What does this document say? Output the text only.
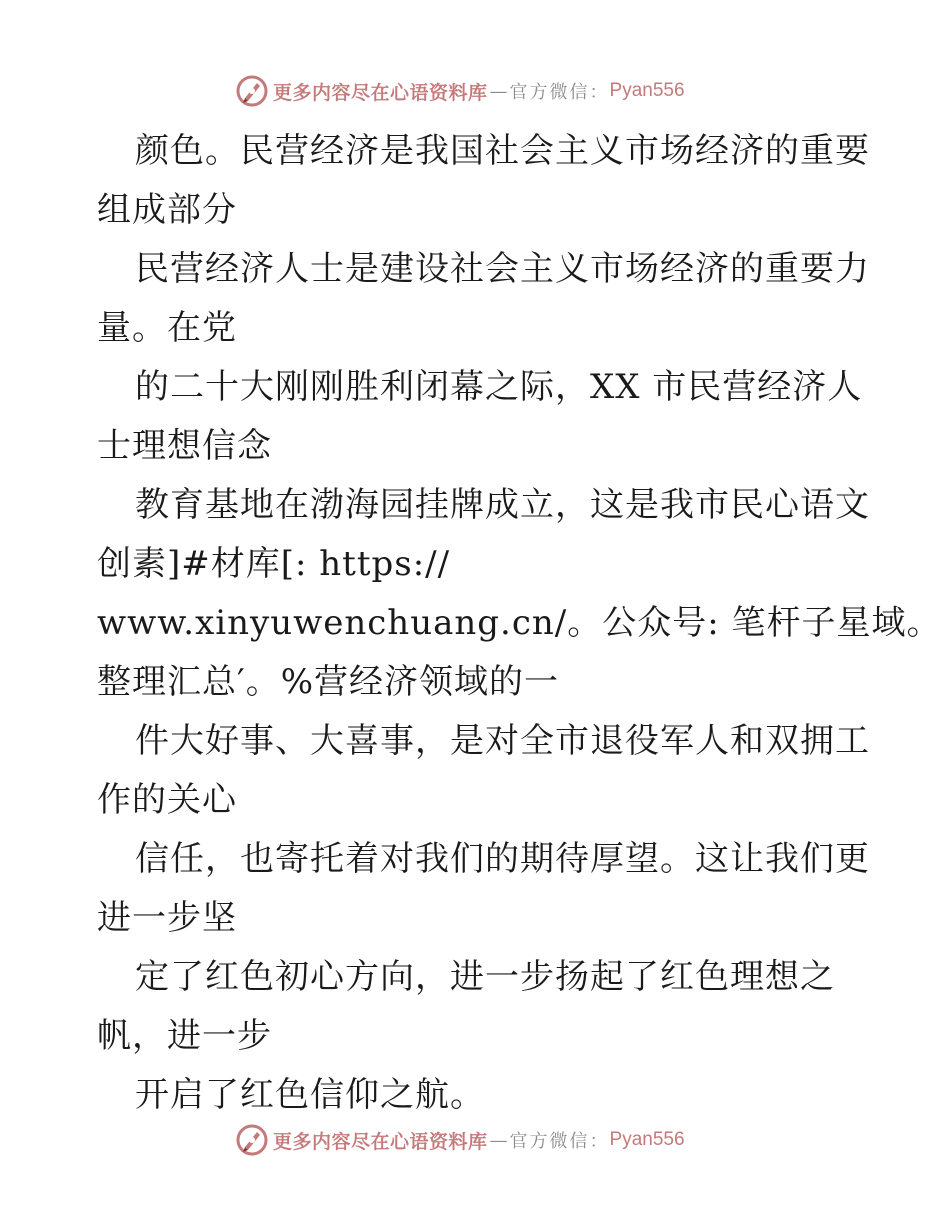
更多内容尽在心语资料库 — 官方微信： Pyan556
颜色。民营经济是我国社会主义市场经济的重要
组成部分
民营经济人士是建设社会主义市场经济的重要力
量。在党
的二十大刚刚胜利闭幕之际，XX 市民营经济人
士理想信念
教育基地在渤海园挂牌成立，这是我市民心语文
创素]#材库[: https://
www.xinyuwenchuang.cn/。公众号: 笔杆子星域。
整理汇总′。%营经济领域的一
件大好事、大喜事，是对全市退役军人和双拥工
作的关心
信任，也寄托着对我们的期待厚望。这让我们更
进一步坚
定了红色初心方向，进一步扬起了红色理想之
帆，进一步
开启了红色信仰之航。
更多内容尽在心语资料库 — 官方微信： Pyan556
